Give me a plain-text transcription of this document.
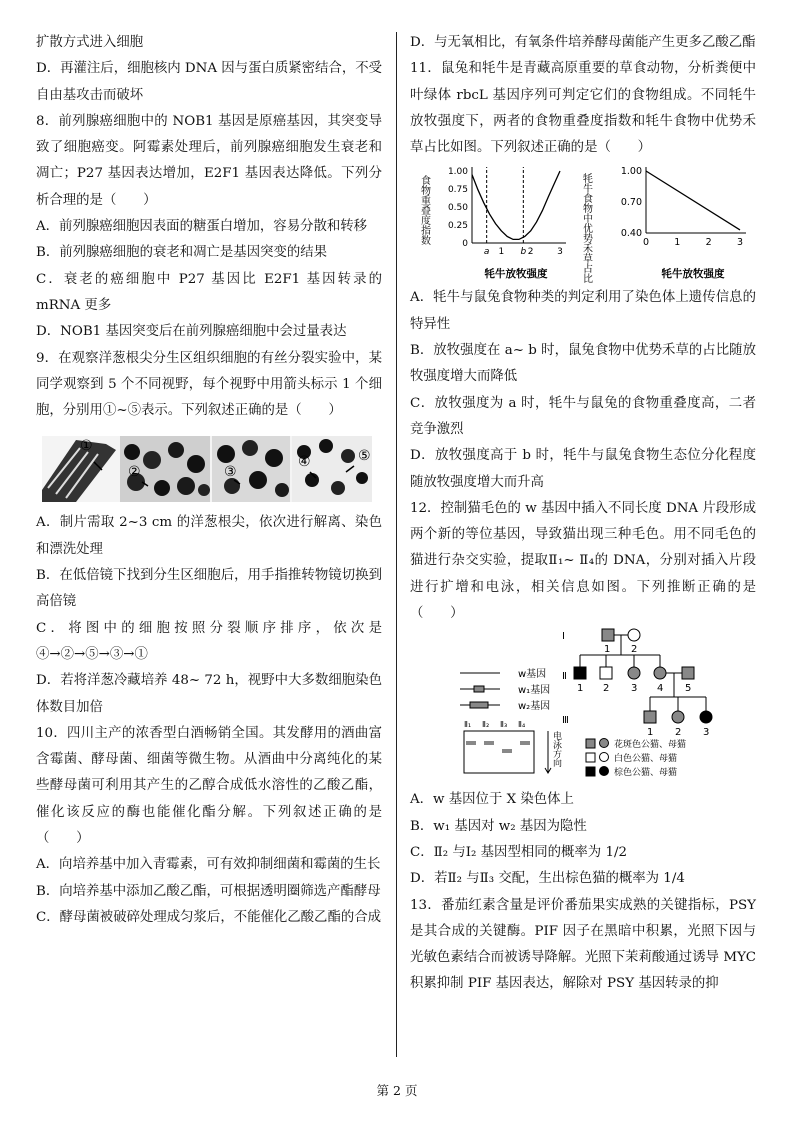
扩散方式进入细胞

D．再灌注后，细胞核内 DNA 因与蛋白质紧密结合，不受自由基攻击而破坏

8．前列腺癌细胞中的 NOB1 基因是原癌基因，其突变导致了细胞癌变。阿霉素处理后，前列腺癌细胞发生衰老和凋亡；P27 基因表达增加，E2F1 基因表达降低。下列分析合理的是（　　）

A．前列腺癌细胞因表面的糖蛋白增加，容易分散和转移

B．前列腺癌细胞的衰老和凋亡是基因突变的结果

C．衰老的癌细胞中 P27 基因比 E2F1 基因转录的 mRNA 更多

D．NOB1 基因突变后在前列腺癌细胞中会过量表达

9．在观察洋葱根尖分生区组织细胞的有丝分裂实验中，某同学观察到 5 个不同视野，每个视野中用箭头标示 1 个细胞，分别用①~⑤表示。下列叙述正确的是（　　）

①
②	③
④	⑤

A．制片需取 2~3 cm 的洋葱根尖，依次进行解离、染色和漂洗处理

B．在低倍镜下找到分生区细胞后，用手指推转物镜切换到高倍镜

C．将图中的细胞按照分裂顺序排序，依次是④→②→⑤→③→①

D．若将洋葱冷藏培养 48~ 72 h，视野中大多数细胞染色体数目加倍

10．四川主产的浓香型白酒畅销全国。其发酵用的酒曲富含霉菌、酵母菌、细菌等微生物。从酒曲中分离纯化的某些酵母菌可利用其产生的乙醇合成低水溶性的乙酸乙酯，催化该反应的酶也能催化酯分解。下列叙述正确的是（　　）

A．向培养基中加入青霉素，可有效抑制细菌和霉菌的生长

B．向培养基中添加乙酸乙酯，可根据透明圈筛选产酯酵母

C．酵母菌被破碎处理成匀浆后，不能催化乙酸乙酯的合成

D．与无氧相比，有氧条件培养酵母菌能产生更多乙酸乙酯

11．鼠兔和牦牛是青藏高原重要的草食动物，分析粪便中叶绿体 rbcL 基因序列可判定它们的食物组成。不同牦牛放牧强度下，两者的食物重叠度指数和牦牛食物中优势禾草占比如图。下列叙述正确的是（　　）

1.00
0.75
0.50
0.25
0
a 1 b 2	3
食物重叠度指数
牦牛放牧强度
1.00
0.70
0.40
0	1	2	3
牦牛食物中优势禾草占比	牦牛放牧强度

A．牦牛与鼠兔食物种类的判定利用了染色体上遗传信息的特异性

B．放牧强度在 a~ b 时，鼠兔食物中优势禾草的占比随放牧强度增大而降低

C．放牧强度为 a 时，牦牛与鼠兔的食物重叠度高，二者竞争激烈

D．放牧强度高于 b 时，牦牛与鼠兔食物生态位分化程度随放牧强度增大而升高

12．控制猫毛色的 w 基因中插入不同长度 DNA 片段形成两个新的等位基因，导致猫出现三种毛色。用不同毛色的猫进行杂交实验，提取Ⅱ₁~ Ⅱ₄的 DNA，分别对插入片段进行扩增和电泳，相关信息如图。下列推断正确的是（　　）

Ⅰ
Ⅱ
Ⅲ
1 2
1 2 3 4 5
1 2 3
w基因
w₁基因
w₂基因
Ⅱ₁ Ⅱ₂ Ⅱ₃ Ⅱ₄
电泳方向	花斑色公猫、母猫
白色公猫、母猫
棕色公猫、母猫

A．w 基因位于 X 染色体上

B．w₁ 基因对 w₂ 基因为隐性

C．Ⅱ₂ 与Ⅰ₂ 基因型相同的概率为 1/2

D．若Ⅱ₂ 与Ⅱ₃ 交配，生出棕色猫的概率为 1/4

13．番茄红素含量是评价番茄果实成熟的关键指标，PSY 是其合成的关键酶。PIF 因子在黑暗中积累，光照下因与光敏色素结合而被诱导降解。光照下茉莉酸通过诱导 MYC 积累抑制 PIF 基因表达，解除对 PSY 基因转录的抑

第 2 页
